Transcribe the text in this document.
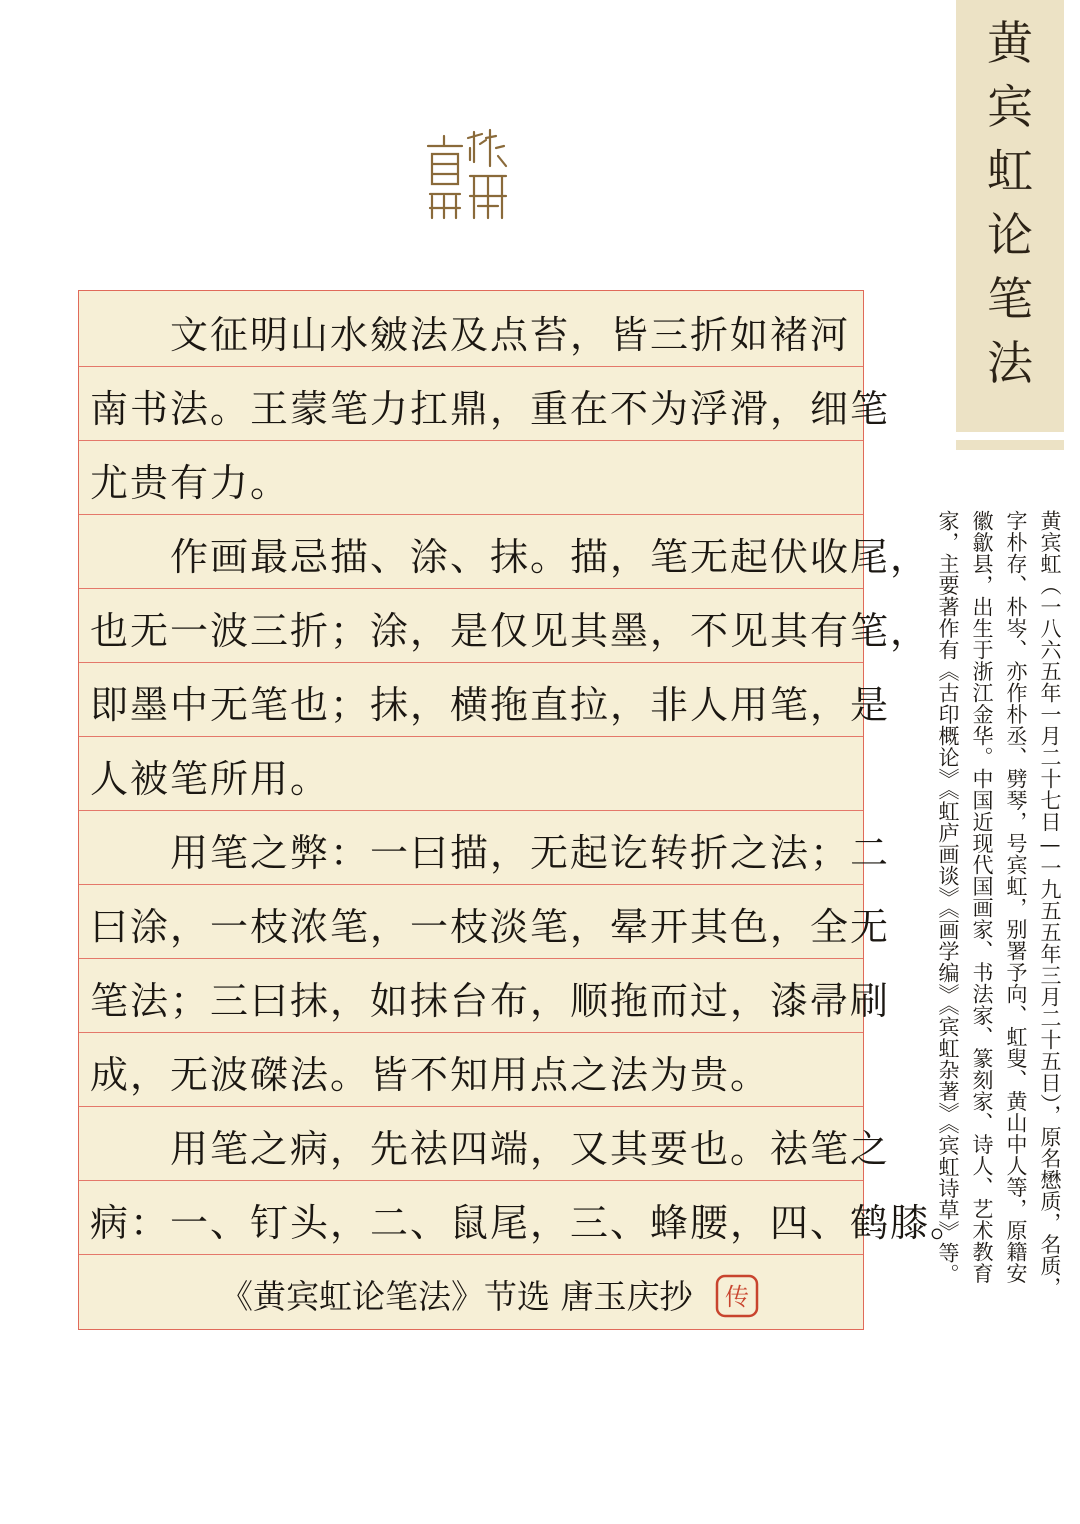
黄
宾
虹
论
笔
法
　　文征明山水皴法及点苔，皆三折如褚河
南书法。王蒙笔力扛鼎，重在不为浮滑，细笔
尤贵有力。
　　作画最忌描、涂、抹。描，笔无起伏收尾，
也无一波三折；涂，是仅见其墨，不见其有笔，
即墨中无笔也；抹，横拖直拉，非人用笔，是
人被笔所用。
　　用笔之弊：一曰描，无起讫转折之法；二
曰涂，一枝浓笔，一枝淡笔，晕开其色，全无
笔法；三曰抹，如抹台布，顺拖而过，漆帚刷
成，无波磔法。皆不知用点之法为贵。
　　用笔之病，先祛四端，又其要也。祛笔之
病：一、钉头，二、鼠尾，三、蜂腰，四、鹤膝。
《黄宾虹论笔法》节选 唐玉庆抄	传	黄宾虹（一八六五年一月二十七日—一九五五年三月二十五日），原名懋质，名质，
字朴存、朴岑、亦作朴丞、劈琴，号宾虹，别署予向、虹叟、黄山中人等，原籍安
徽歙县，出生于浙江金华。中国近现代国画家、书法家、篆刻家、诗人、艺术教育
家，主要著作有《古印概论》《虹庐画谈》《画学编》《宾虹杂著》《宾虹诗草》等。
